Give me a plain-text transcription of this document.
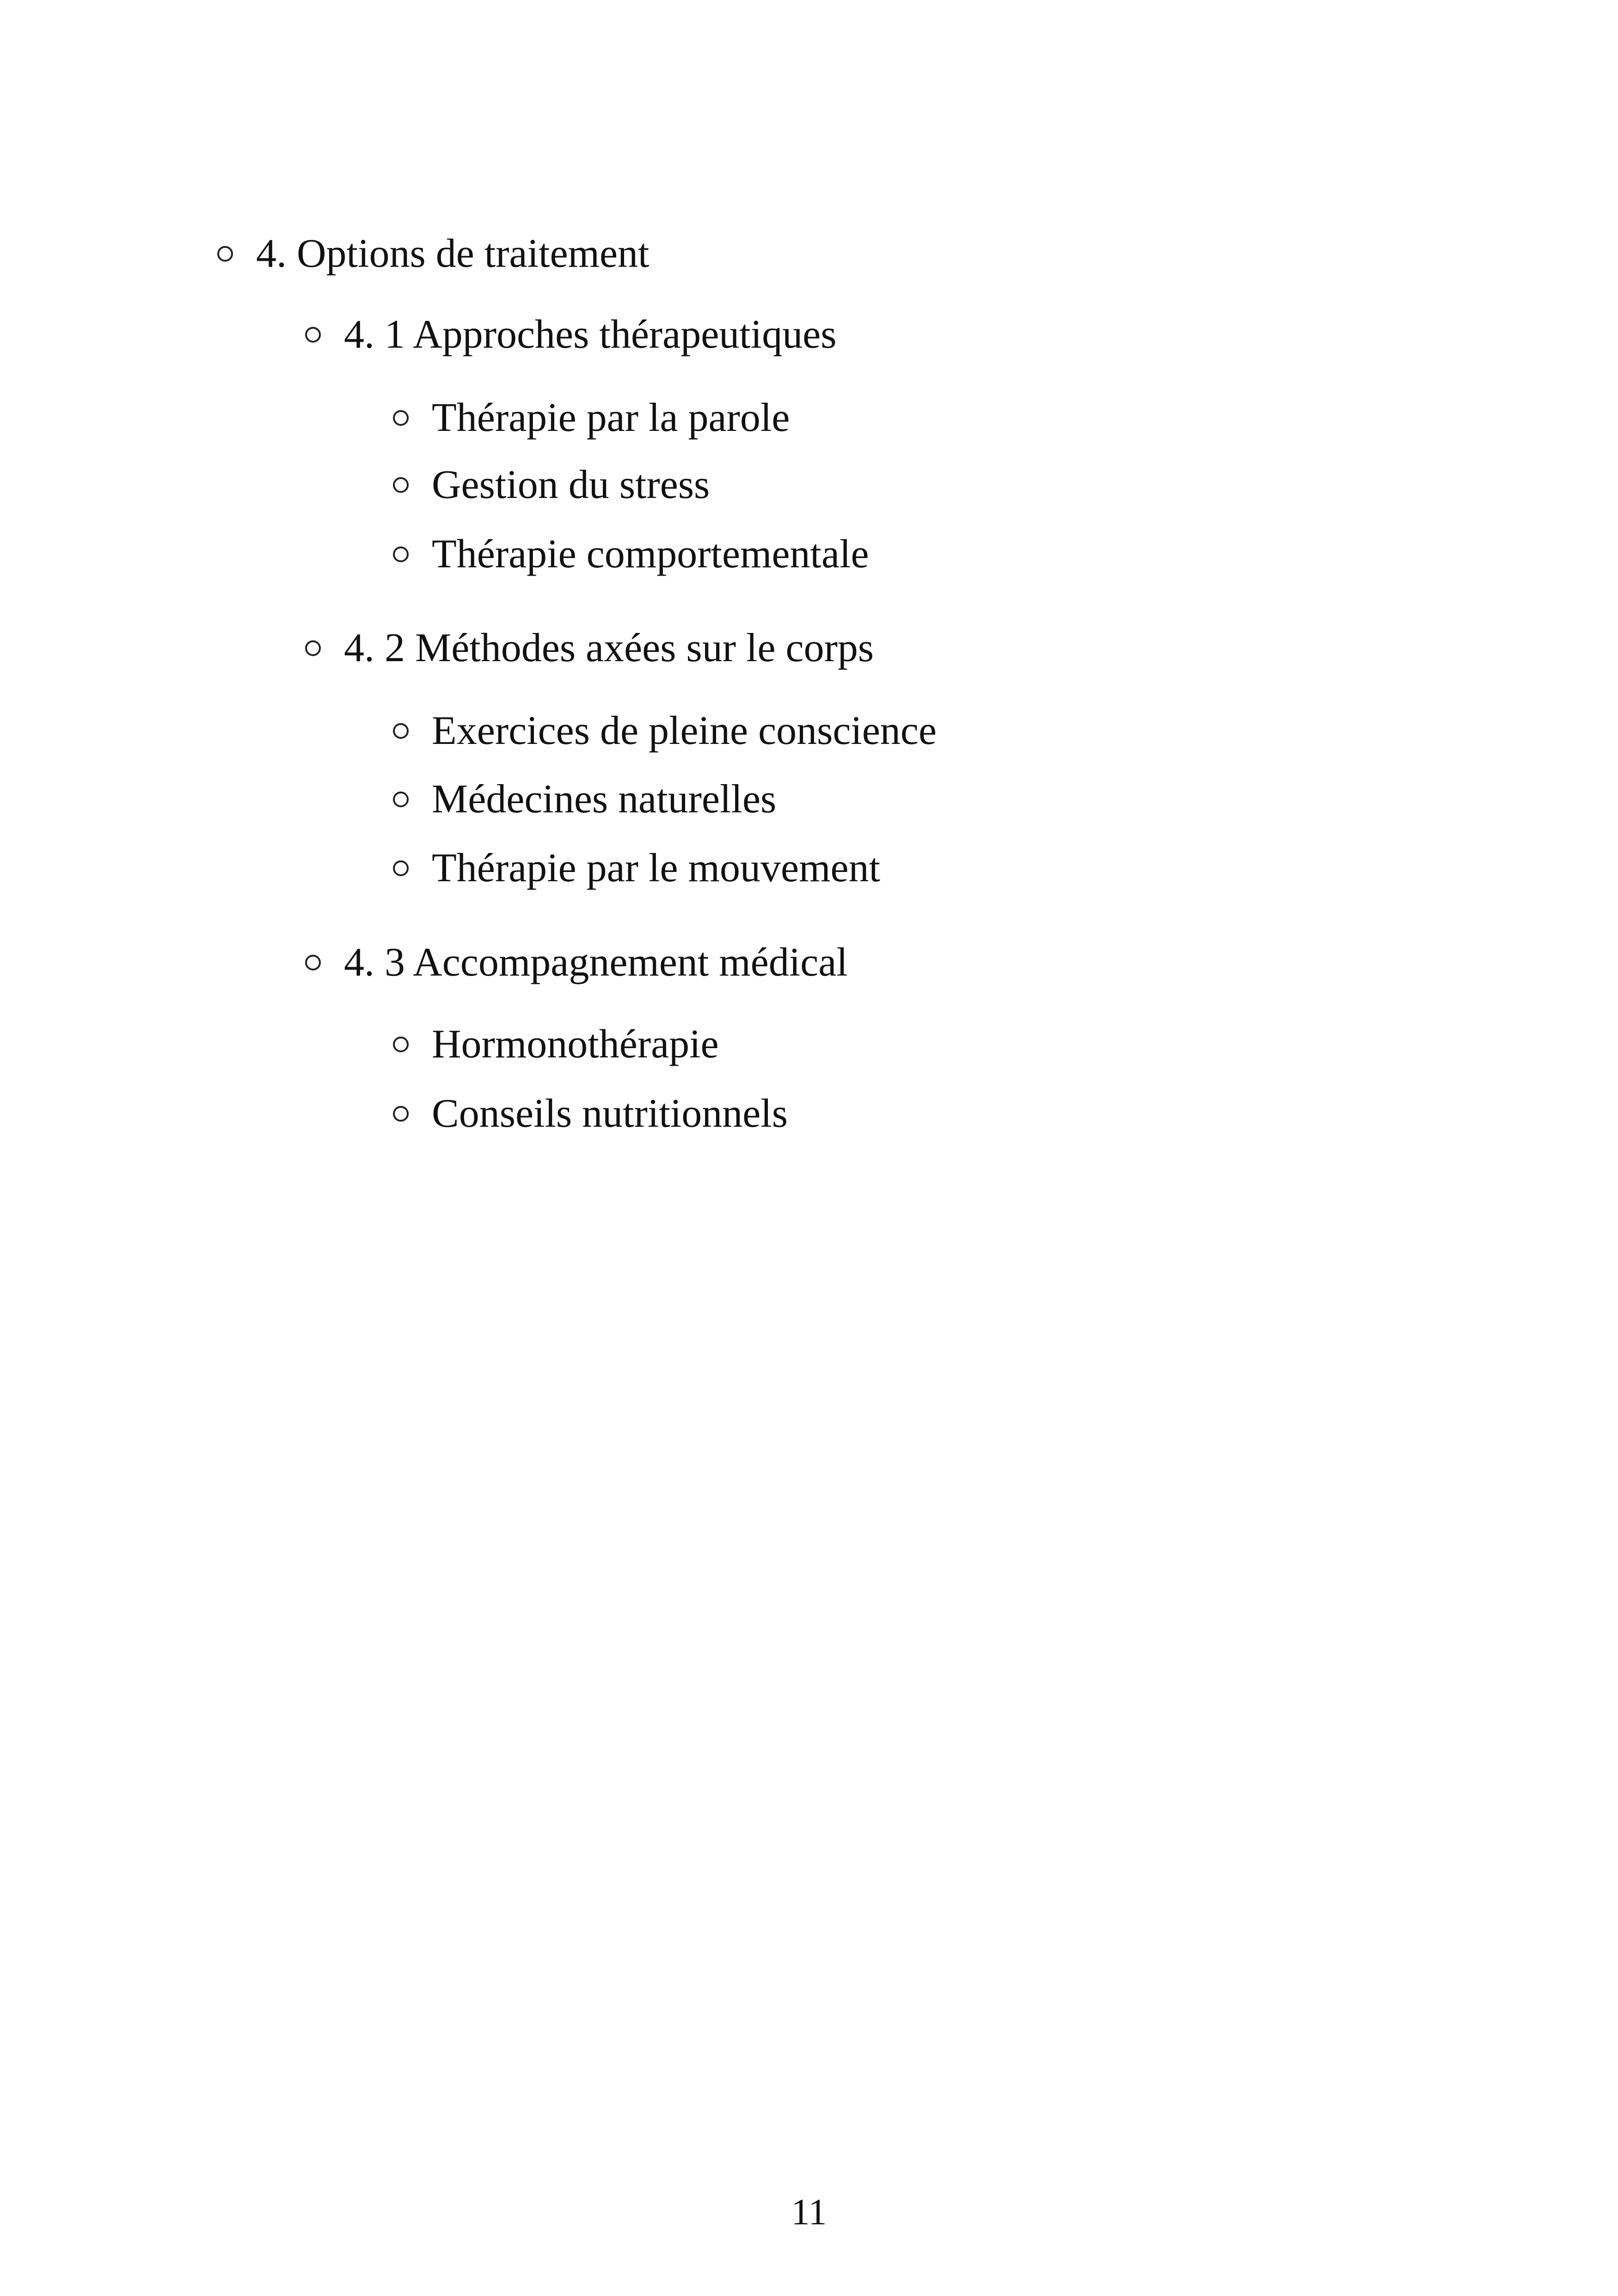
4. Options de traitement
4. 1 Approches thérapeutiques
Thérapie par la parole
Gestion du stress
Thérapie comportementale
4. 2 Méthodes axées sur le corps
Exercices de pleine conscience
Médecines naturelles
Thérapie par le mouvement
4. 3 Accompagnement médical
Hormonothérapie
Conseils nutritionnels
11
